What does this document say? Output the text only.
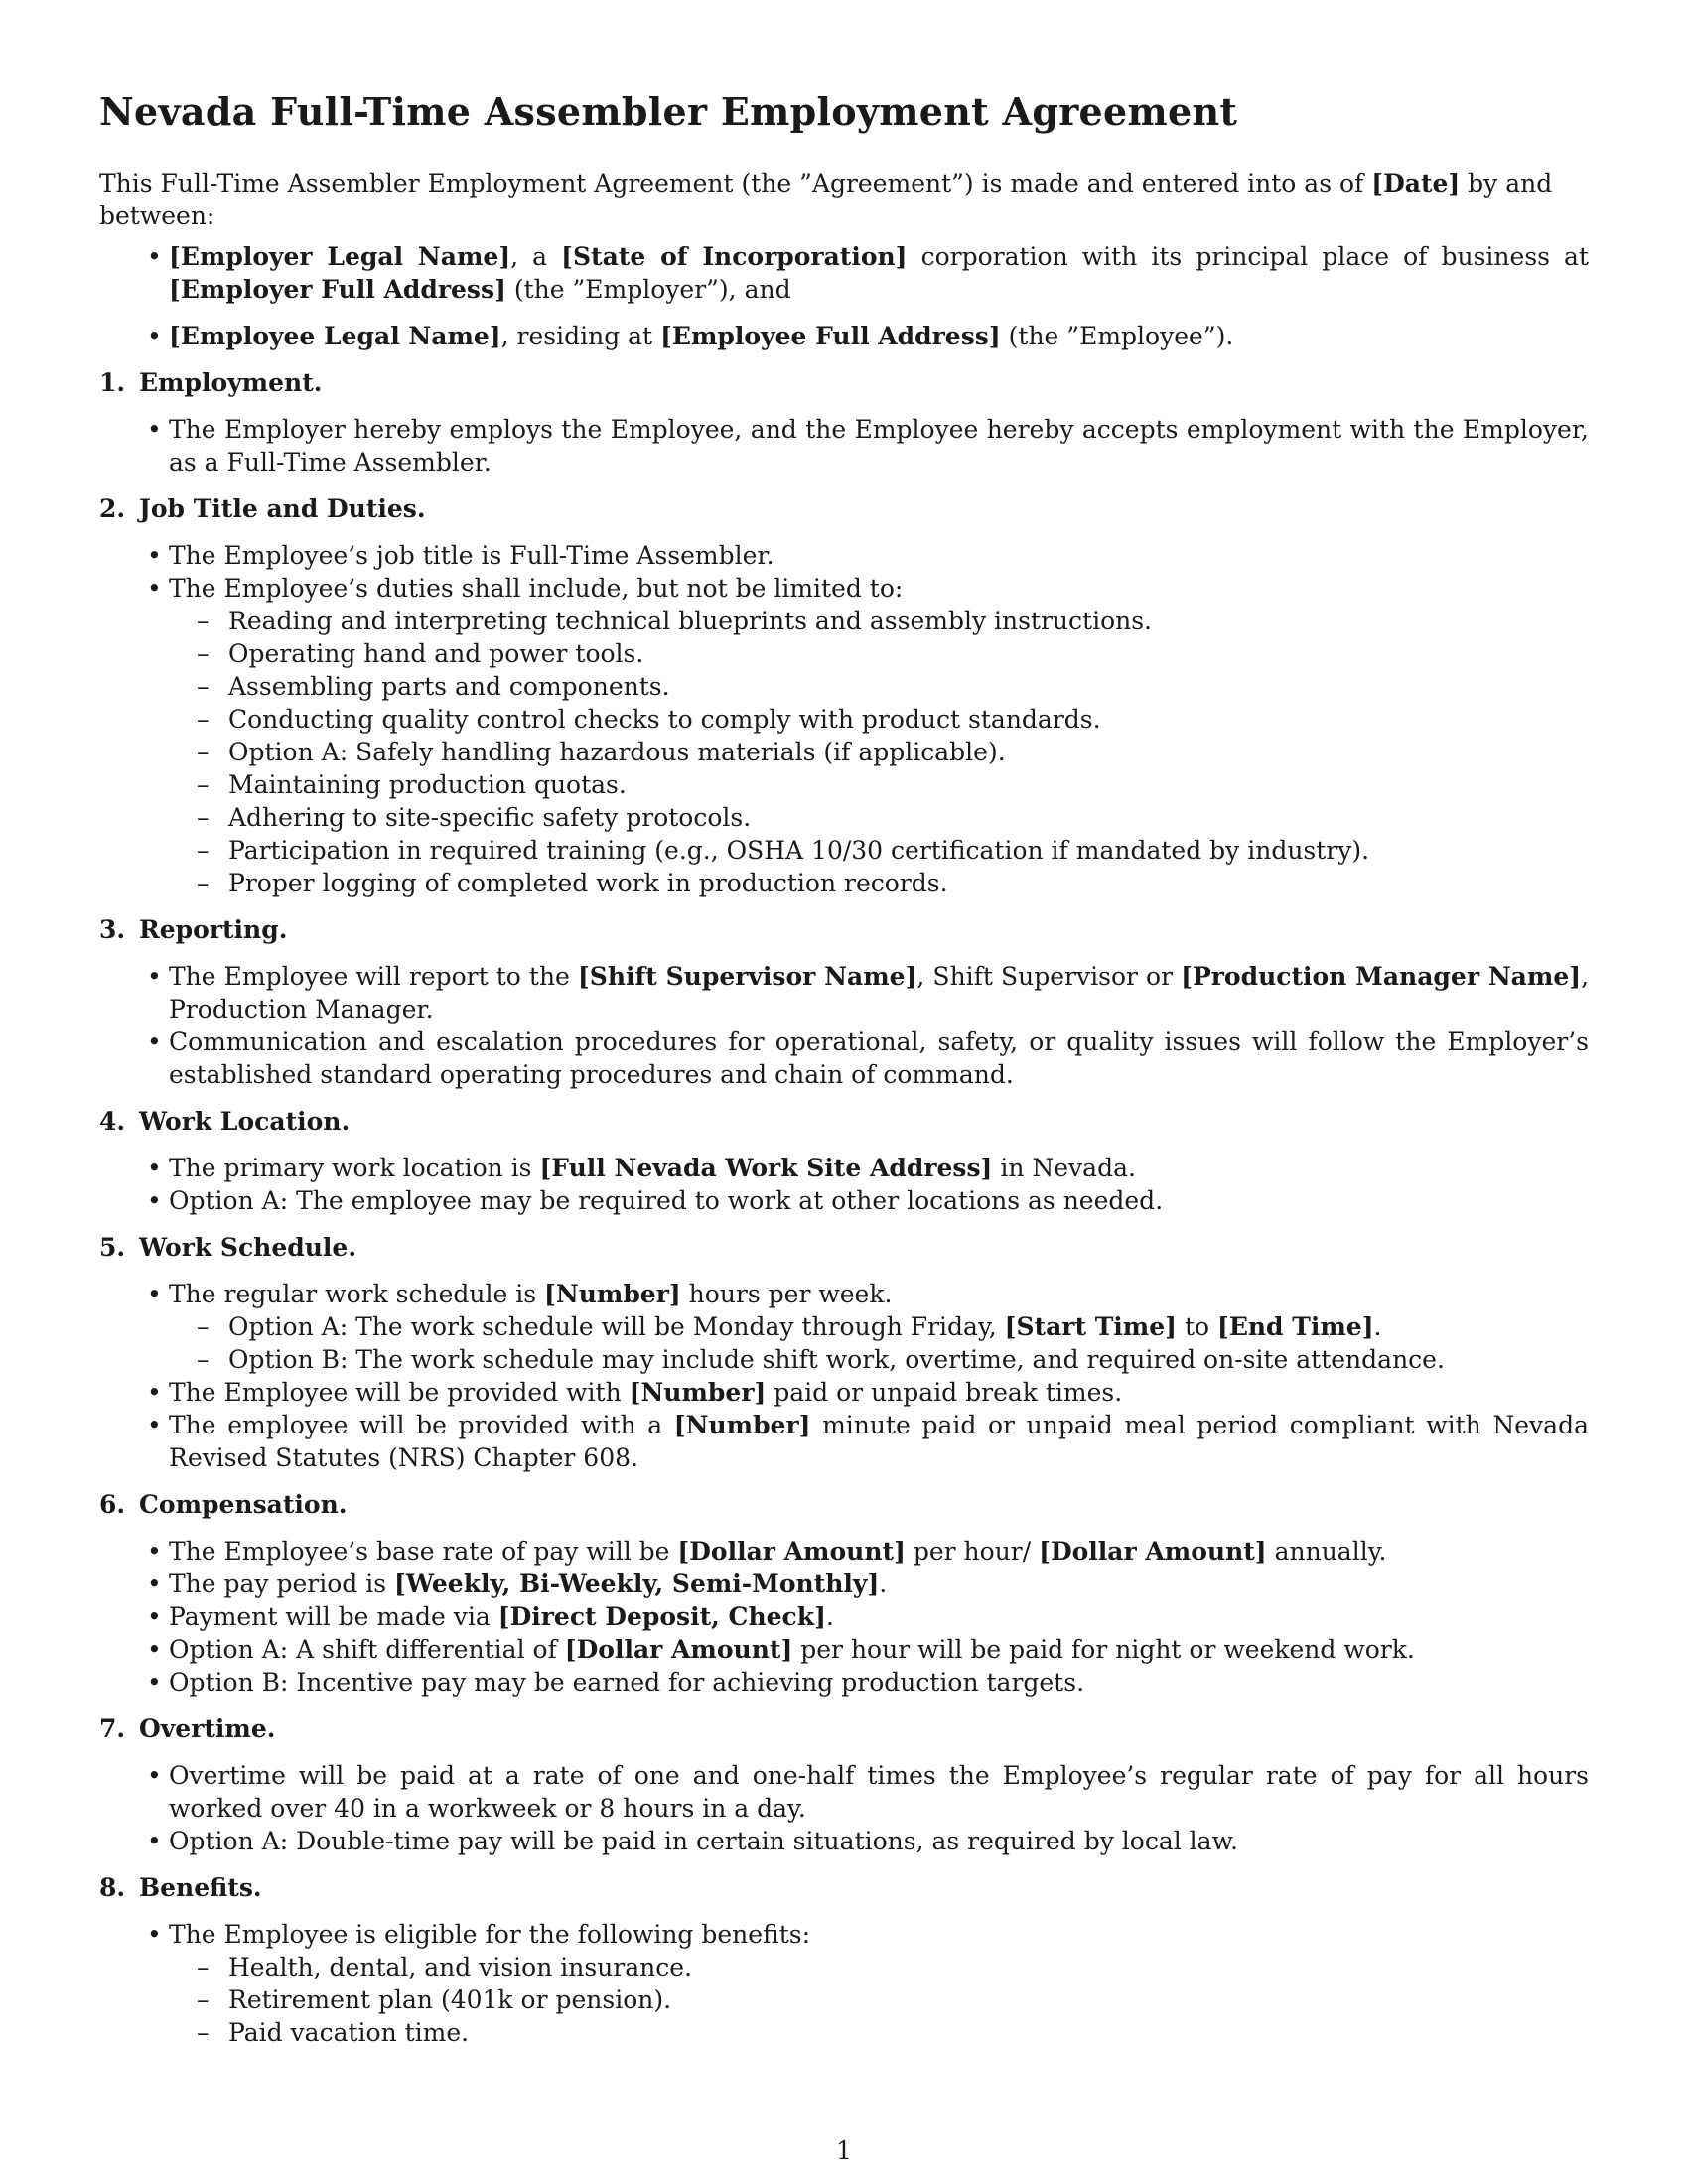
Nevada Full-Time Assembler Employment Agreement

This Full-Time Assembler Employment Agreement (the ”Agreement”) is made and entered into as of [Date] by and between:

• [Employer Legal Name], a [State of Incorporation] corporation with its principal place of business at [Employer Full Address] (the ”Employer”), and
• [Employee Legal Name], residing at [Employee Full Address] (the ”Employee”).
1. Employment.
• The Employer hereby employs the Employee, and the Employee hereby accepts employment with the Employer, as a Full-Time Assembler.
2. Job Title and Duties.
• The Employee’s job title is Full-Time Assembler.
• The Employee’s duties shall include, but not be limited to:
– Reading and interpreting technical blueprints and assembly instructions.
– Operating hand and power tools.
– Assembling parts and components.
– Conducting quality control checks to comply with product standards.
– Option A: Safely handling hazardous materials (if applicable).
– Maintaining production quotas.
– Adhering to site-specific safety protocols.
– Participation in required training (e.g., OSHA 10/30 certification if mandated by industry).
– Proper logging of completed work in production records.
3. Reporting.
• The Employee will report to the [Shift Supervisor Name], Shift Supervisor or [Production Manager Name], Production Manager.
• Communication and escalation procedures for operational, safety, or quality issues will follow the Employer’s established standard operating procedures and chain of command.
4. Work Location.
• The primary work location is [Full Nevada Work Site Address] in Nevada.
• Option A: The employee may be required to work at other locations as needed.
5. Work Schedule.
• The regular work schedule is [Number] hours per week.
– Option A: The work schedule will be Monday through Friday, [Start Time] to [End Time].
– Option B: The work schedule may include shift work, overtime, and required on-site attendance.
• The Employee will be provided with [Number] paid or unpaid break times.
• The employee will be provided with a [Number] minute paid or unpaid meal period compliant with Nevada Revised Statutes (NRS) Chapter 608.
6. Compensation.
• The Employee’s base rate of pay will be [Dollar Amount] per hour/ [Dollar Amount] annually.
• The pay period is [Weekly, Bi-Weekly, Semi-Monthly].
• Payment will be made via [Direct Deposit, Check].
• Option A: A shift differential of [Dollar Amount] per hour will be paid for night or weekend work.
• Option B: Incentive pay may be earned for achieving production targets.
7. Overtime.
• Overtime will be paid at a rate of one and one-half times the Employee’s regular rate of pay for all hours worked over 40 in a workweek or 8 hours in a day.
• Option A: Double-time pay will be paid in certain situations, as required by local law.
8. Benefits.
• The Employee is eligible for the following benefits:
– Health, dental, and vision insurance.
– Retirement plan (401k or pension).
– Paid vacation time.
1
